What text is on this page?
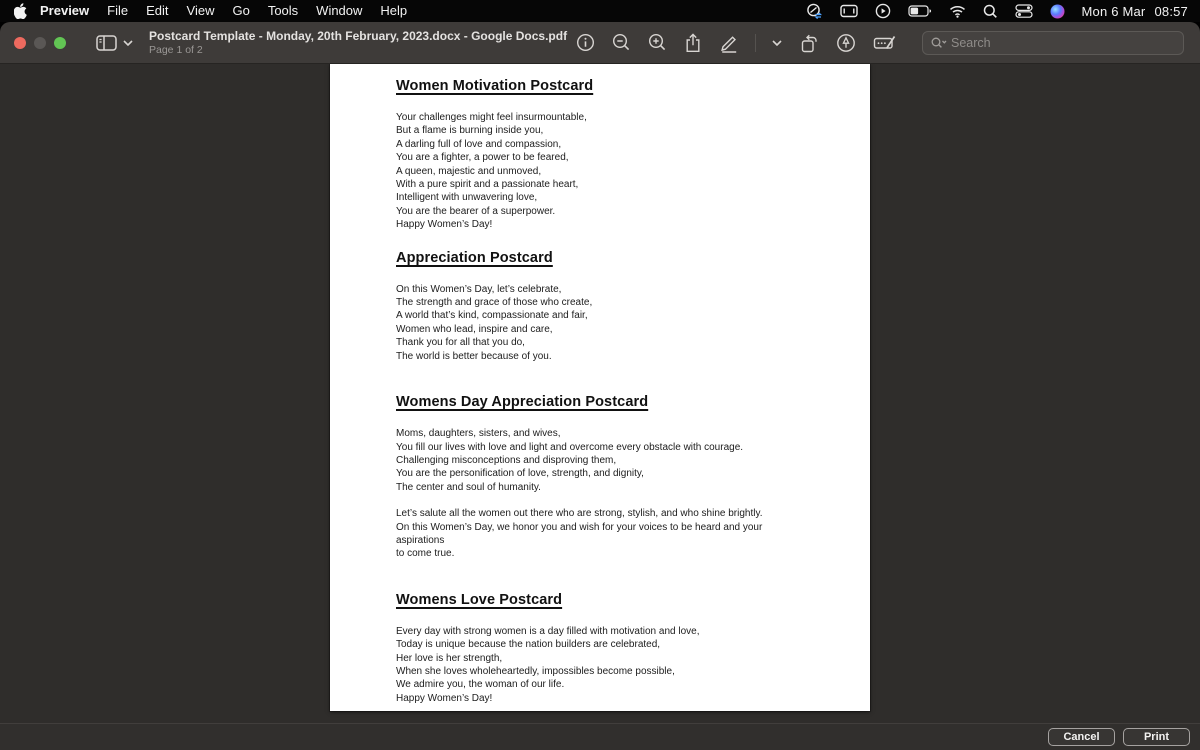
Preview	File	Edit	View	Go	Tools	Window	Help	Mon 6 Mar 08:57
Postcard Template - Monday, 20th February, 2023.docx - Google Docs.pdf
Page 1 of 2
Search
Women Motivation Postcard

Your challenges might feel insurmountable,
But a flame is burning inside you,
A darling full of love and compassion,
You are a fighter, a power to be feared,
A queen, majestic and unmoved,
With a pure spirit and a passionate heart,
Intelligent with unwavering love,
You are the bearer of a superpower.
Happy Women’s Day!

Appreciation Postcard

On this Women’s Day, let’s celebrate,
The strength and grace of those who create,
A world that’s kind, compassionate and fair,
Women who lead, inspire and care,
Thank you for all that you do,
The world is better because of you.

Womens Day Appreciation Postcard

Moms, daughters, sisters, and wives,
You fill our lives with love and light and overcome every obstacle with courage.
Challenging misconceptions and disproving them,
You are the personification of love, strength, and dignity,
The center and soul of humanity.

Let’s salute all the women out there who are strong, stylish, and who shine brightly.
On this Women’s Day, we honor you and wish for your voices to be heard and your aspirations
to come true.

Womens Love Postcard

Every day with strong women is a day filled with motivation and love,
Today is unique because the nation builders are celebrated,
Her love is her strength,
When she loves wholeheartedly, impossibles become possible,
We admire you, the woman of our life.
Happy Women’s Day!

Cancel	Print
